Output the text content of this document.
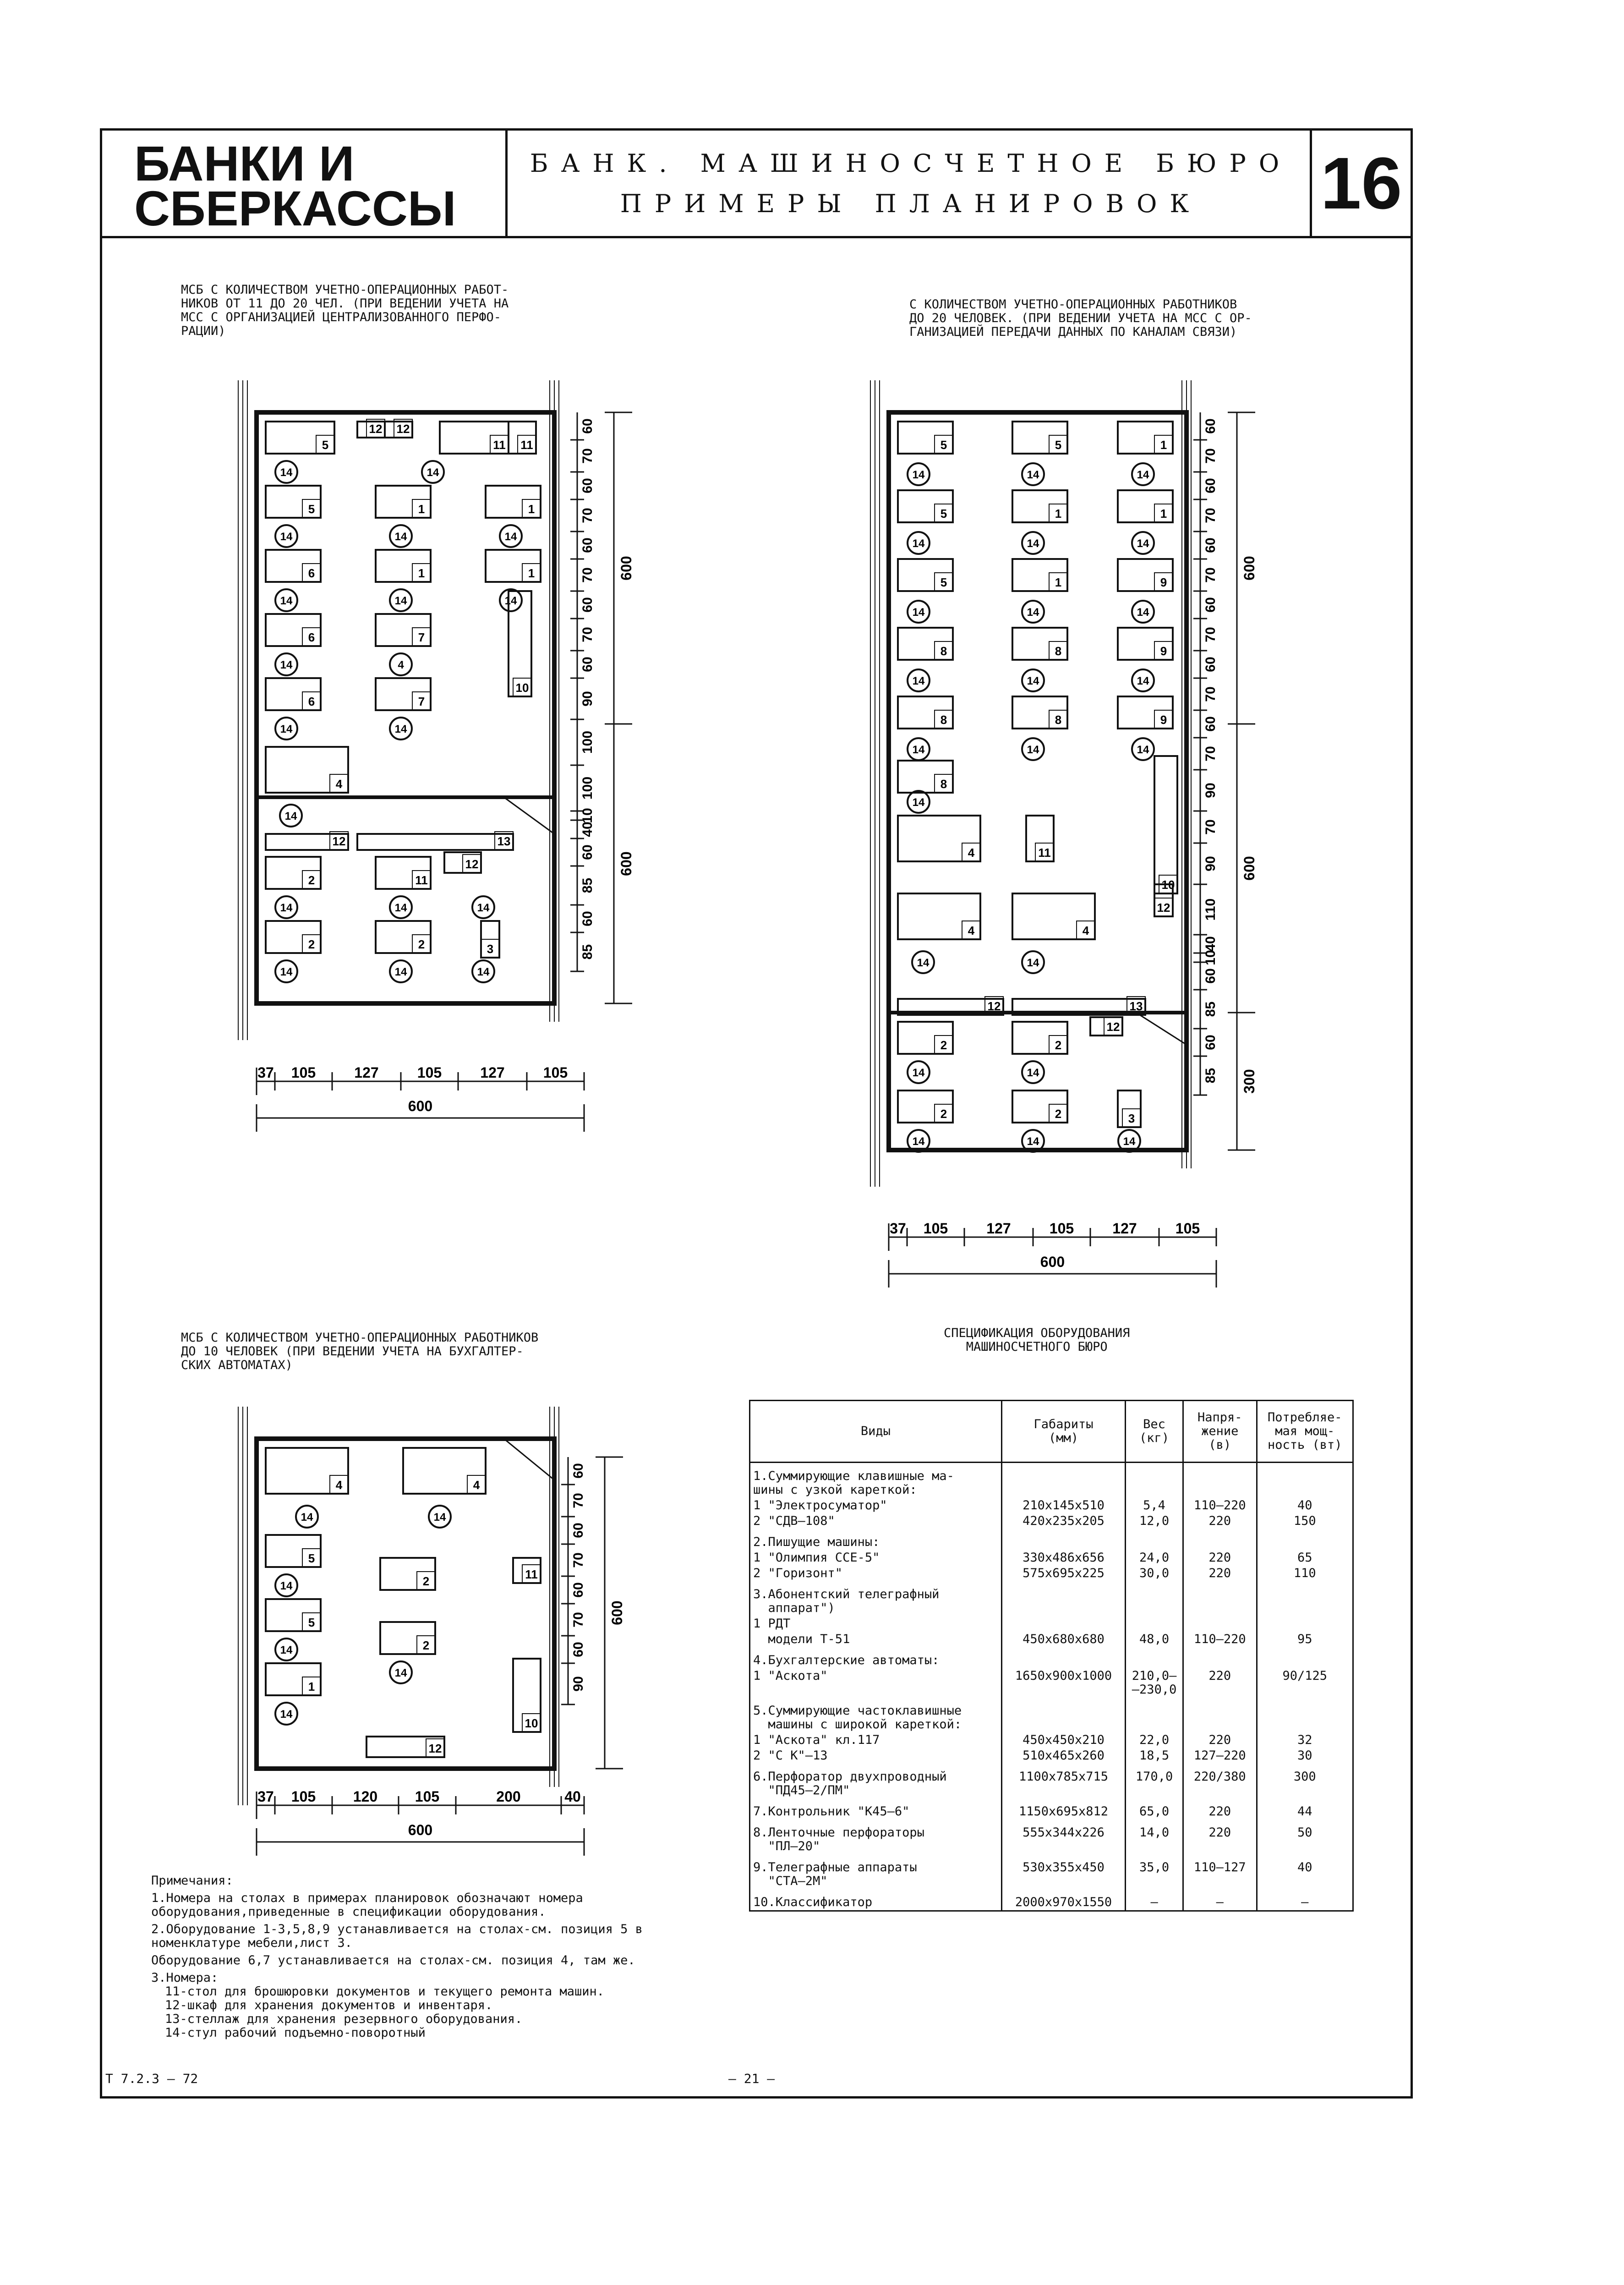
БАНКИ И
СБЕРКАССЫ
БАНК. МАШИНОСЧЕТНОЕ БЮРО
ПРИМЕРЫ ПЛАНИРОВОК	16
МСБ С КОЛИЧЕСТВОМ УЧЕТНО-ОПЕРАЦИОННЫХ РАБОТ-
НИКОВ ОТ 11 ДО 20 ЧЕЛ. (ПРИ ВЕДЕНИИ УЧЕТА НА
МСС С ОРГАНИЗАЦИЕЙ ЦЕНТРАЛИЗОВАННОГО ПЕРФО-
РАЦИИ)
С КОЛИЧЕСТВОМ УЧЕТНО-ОПЕРАЦИОННЫХ РАБОТНИКОВ
ДО 20 ЧЕЛОВЕК. (ПРИ ВЕДЕНИИ УЧЕТА НА МСС С ОР-
ГАНИЗАЦИЕЙ ПЕРЕДАЧИ ДАННЫХ ПО КАНАЛАМ СВЯЗИ)
МСБ С КОЛИЧЕСТВОМ УЧЕТНО-ОПЕРАЦИОННЫХ РАБОТНИКОВ
ДО 10 ЧЕЛОВЕК (ПРИ ВЕДЕНИИ УЧЕТА НА БУХГАЛТЕР-
СКИХ АВТОМАТАХ)
СПЕЦИФИКАЦИЯ ОБОРУДОВАНИЯ
МАШИНОСЧЕТНОГО БЮРО
5
12 12
11 11
14	14
5	1	1
14	14	14
6	1	1
14	14	14
6	7
14	4
6	7
10
14	14
4
14
12	13
2	11
12
14	14	14
2	2	3
14	14	14
60
70
60
70
60
70
60
70
60
90
100
100
10
40
60
85
60
85
600
600
37 105	127	105	127	105
600
5	5	1
14	14	14
5	1	1
14	14	14
5	1	9
14	14	14
8	8	9
14	14	14
8	8	9
14	14	14
8
4	11
10
14
4	4
12
14	14
12	13
2	2
12
14	14
2	2	3
14	14	14
60
70
60
70
60
70
60
70
60
70
60
70
90
70
90
110
40
10
60
85
60
85
600
600
300
37 105	127	105	127	105
600
4	4
14	14
5
2	11
14
5
2
14
14
1
10
14
12
60
70
60
70
60
70
60
90
600
37 105	120	105	200	40
600
Виды	Габариты
(мм)	Вес
(кг)	Напря-
жение
(в)	Потребляе-
мая мощ-
ность (вт)
1.Суммирующие клавишные ма-
шины с узкой кареткой:				
1 "Электросуматор"	210х145х510	5,4	110–220	40
2 "СДВ–108"	420х235х205	12,0	220	150
2.Пишущие машины:				
1 "Олимпия ССЕ-5"	330х486х656	24,0	220	65
2 "Горизонт"	575х695х225	30,0	220	110
3.Абонентский телеграфный
аппарат")				
1 РДТ				
модели Т-51	450х680х680	48,0	110–220	95
4.Бухгалтерские автоматы:				
1 "Аскота"	1650х900х1000	210,0–
–230,0	220	90/125
5.Суммирующие частоклавишные
машины с широкой кареткой:				
1 "Аскота" кл.117	450х450х210	22,0	220	32
2 "С К"–13	510х465х260	18,5	127–220	30
6.Перфоратор двухпроводный
"ПД45–2/ПМ"	1100х785х715	170,0	220/380	300
7.Контрольник "К45–6"	1150х695х812	65,0	220	44
8.Ленточные перфораторы
"ПЛ–20"	555х344х226	14,0	220	50
9.Телеграфные аппараты
"СТА–2М"	530х355х450	35,0	110–127	40
10.Классификатор	2000х970х1550	–	–	–

Примечания:

1.Номера на столах в примерах планировок обозначают номера оборудования,приведенные в спецификации оборудования.

2.Оборудование 1-3,5,8,9 устанавливается на столах-см. позиция 5 в номенклатуре мебели,лист 3.

Оборудование 6,7 устанавливается на столах-см. позиция 4, там же.

3.Номера:

11-стол для брошюровки документов и текущего ремонта машин.

12-шкаф для хранения документов и инвентаря.

13-стеллаж для хранения резервного оборудования.

14-стул рабочий подъемно-поворотный

Т 7.2.3 – 72	– 21 –
